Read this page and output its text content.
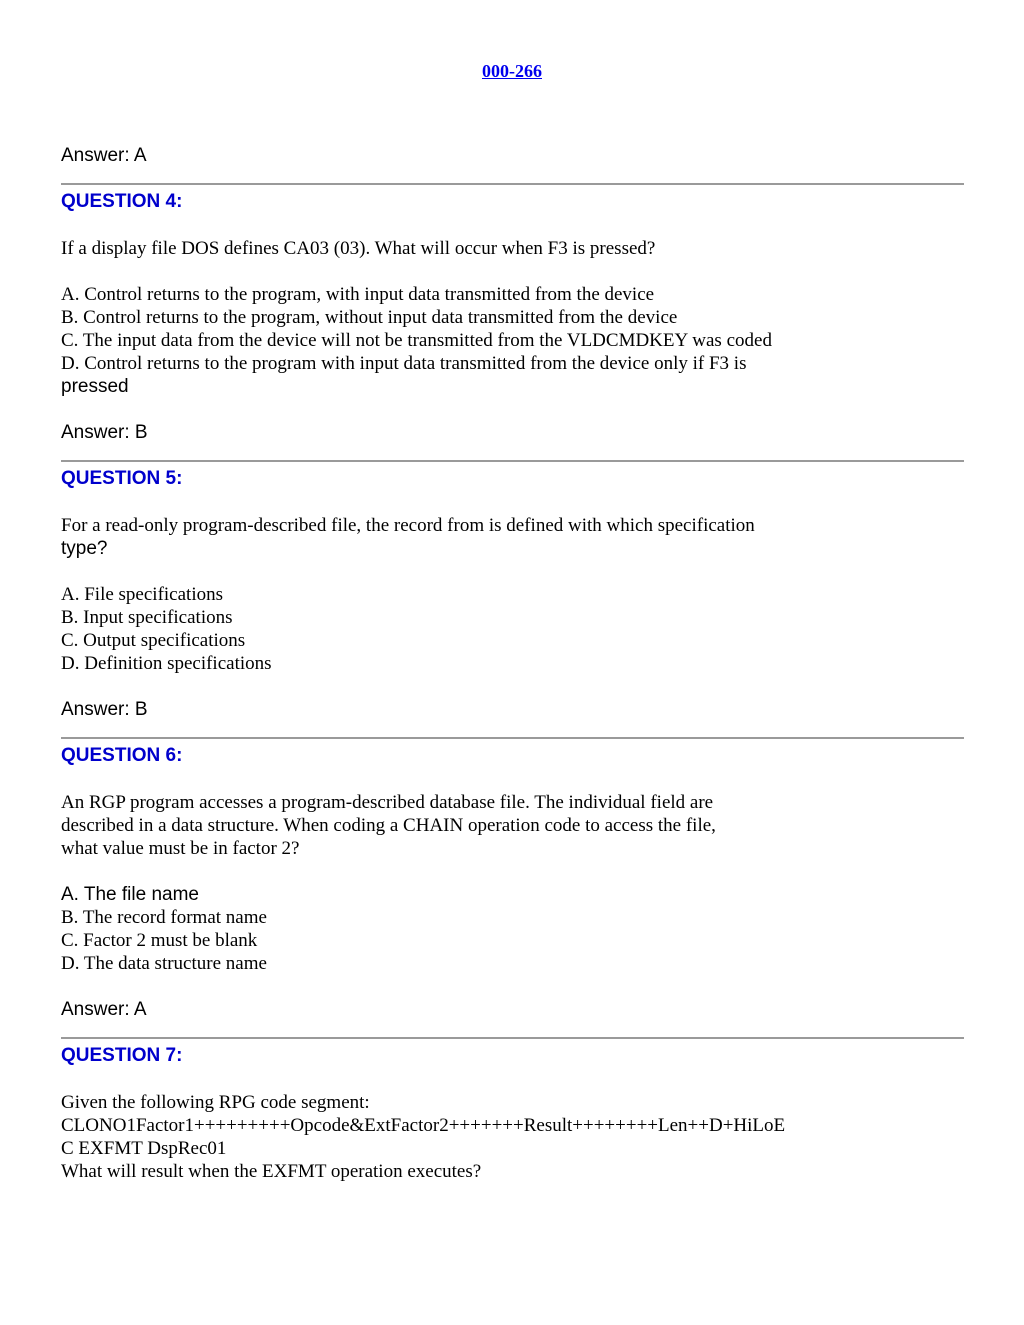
000-266
Answer: A
QUESTION 4:
If a display file DOS defines CA03 (03). What will occur when F3 is pressed?
A. Control returns to the program, with input data transmitted from the device
B. Control returns to the program, without input data transmitted from the device
C. The input data from the device will not be transmitted from the VLDCMDKEY was coded
D. Control returns to the program with input data transmitted from the device only if F3 is
pressed
Answer: B
QUESTION 5:
For a read-only program-described file, the record from is defined with which specification
type?
A. File specifications
B. Input specifications
C. Output specifications
D. Definition specifications
Answer: B
QUESTION 6:
An RGP program accesses a program-described database file. The individual field are
described in a data structure. When coding a CHAIN operation code to access the file,
what value must be in factor 2?
A. The file name
B. The record format name
C. Factor 2 must be blank
D. The data structure name
Answer: A
QUESTION 7:
Given the following RPG code segment:
CLONO1Factor1+++++++++Opcode&ExtFactor2+++++++Result++++++++Len++D+HiLoE
C EXFMT DspRec01
What will result when the EXFMT operation executes?
